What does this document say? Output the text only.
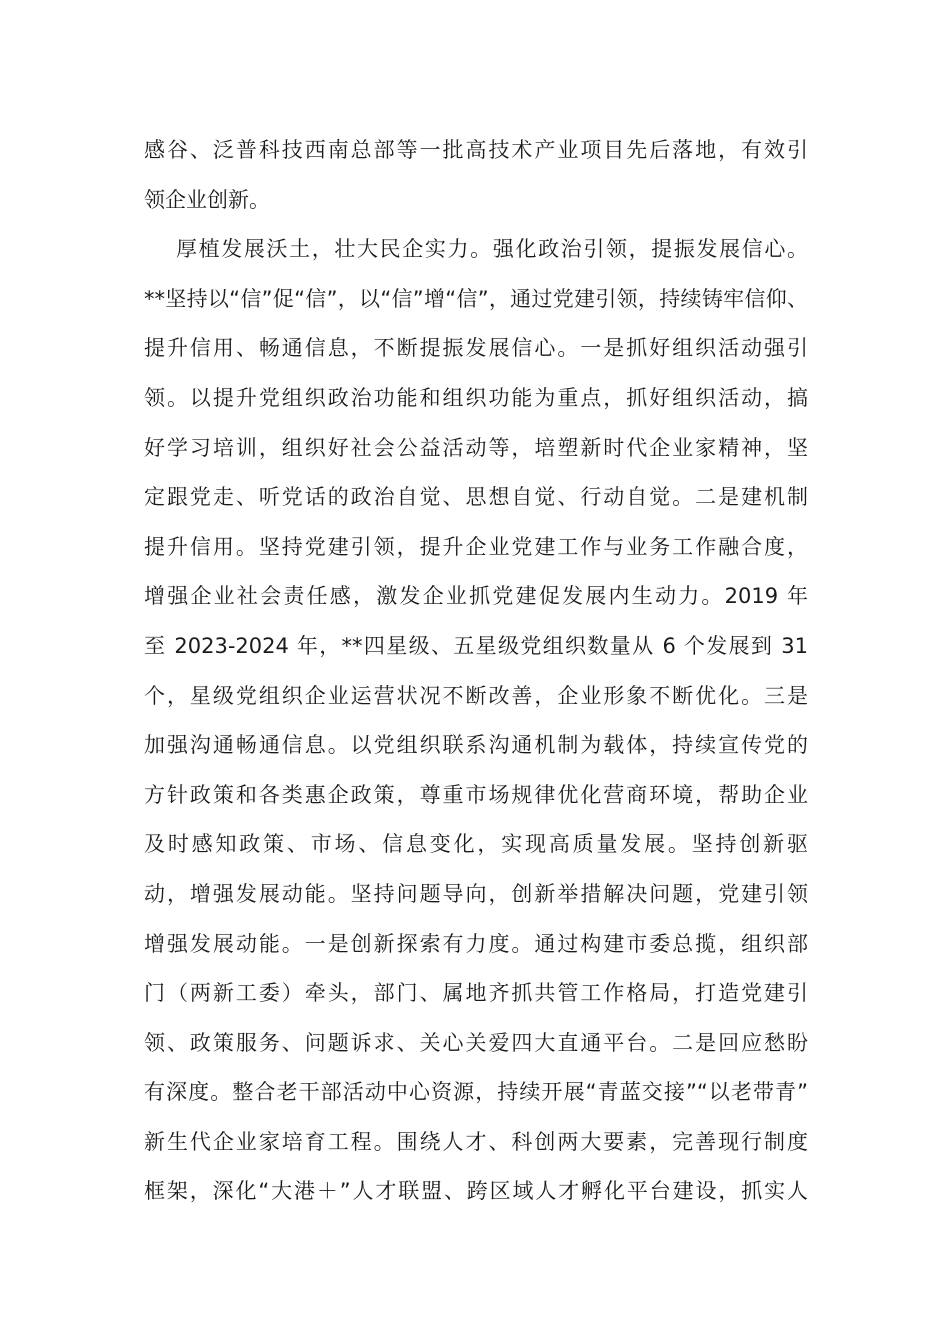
感谷、泛普科技西南总部等一批高技术产业项目先后落地，有效引
领企业创新。
厚植发展沃土，壮大民企实力。强化政治引领，提振发展信心。
**坚持以“信”促“信”，以“信”增“信”，通过党建引领，持续铸牢信仰、
提升信用、畅通信息，不断提振发展信心。一是抓好组织活动强引
领。以提升党组织政治功能和组织功能为重点，抓好组织活动，搞
好学习培训，组织好社会公益活动等，培塑新时代企业家精神，坚
定跟党走、听党话的政治自觉、思想自觉、行动自觉。二是建机制
提升信用。坚持党建引领，提升企业党建工作与业务工作融合度，
增强企业社会责任感，激发企业抓党建促发展内生动力。2019 年
至 2023-2024 年，**四星级、五星级党组织数量从 6 个发展到 31
个，星级党组织企业运营状况不断改善，企业形象不断优化。三是
加强沟通畅通信息。以党组织联系沟通机制为载体，持续宣传党的
方针政策和各类惠企政策，尊重市场规律优化营商环境，帮助企业
及时感知政策、市场、信息变化，实现高质量发展。坚持创新驱
动，增强发展动能。坚持问题导向，创新举措解决问题，党建引领
增强发展动能。一是创新探索有力度。通过构建市委总揽，组织部
门（两新工委）牵头，部门、属地齐抓共管工作格局，打造党建引
领、政策服务、问题诉求、关心关爱四大直通平台。二是回应愁盼
有深度。整合老干部活动中心资源，持续开展“青蓝交接”“以老带青”
新生代企业家培育工程。围绕人才、科创两大要素，完善现行制度
框架，深化“大港＋”人才联盟、跨区域人才孵化平台建设，抓实人
